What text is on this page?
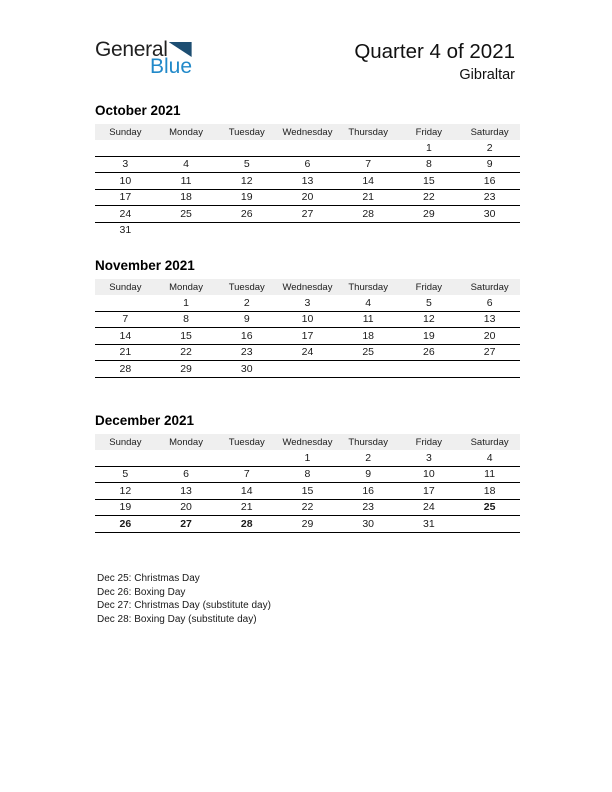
General
Blue
Quarter 4 of 2021
Gibraltar
October 2021
Sunday	Monday	Tuesday	Wednesday	Thursday	Friday	Saturday
					1	2
3	4	5	6	7	8	9
10	11	12	13	14	15	16
17	18	19	20	21	22	23
24	25	26	27	28	29	30
31						
November 2021
Sunday	Monday	Tuesday	Wednesday	Thursday	Friday	Saturday
	1	2	3	4	5	6
7	8	9	10	11	12	13
14	15	16	17	18	19	20
21	22	23	24	25	26	27
28	29	30				

December 2021
Sunday	Monday	Tuesday	Wednesday	Thursday	Friday	Saturday
			1	2	3	4
5	6	7	8	9	10	11
12	13	14	15	16	17	18
19	20	21	22	23	24	25
26	27	28	29	30	31	

Dec 25: Christmas Day
Dec 26: Boxing Day
Dec 27: Christmas Day (substitute day)
Dec 28: Boxing Day (substitute day)
